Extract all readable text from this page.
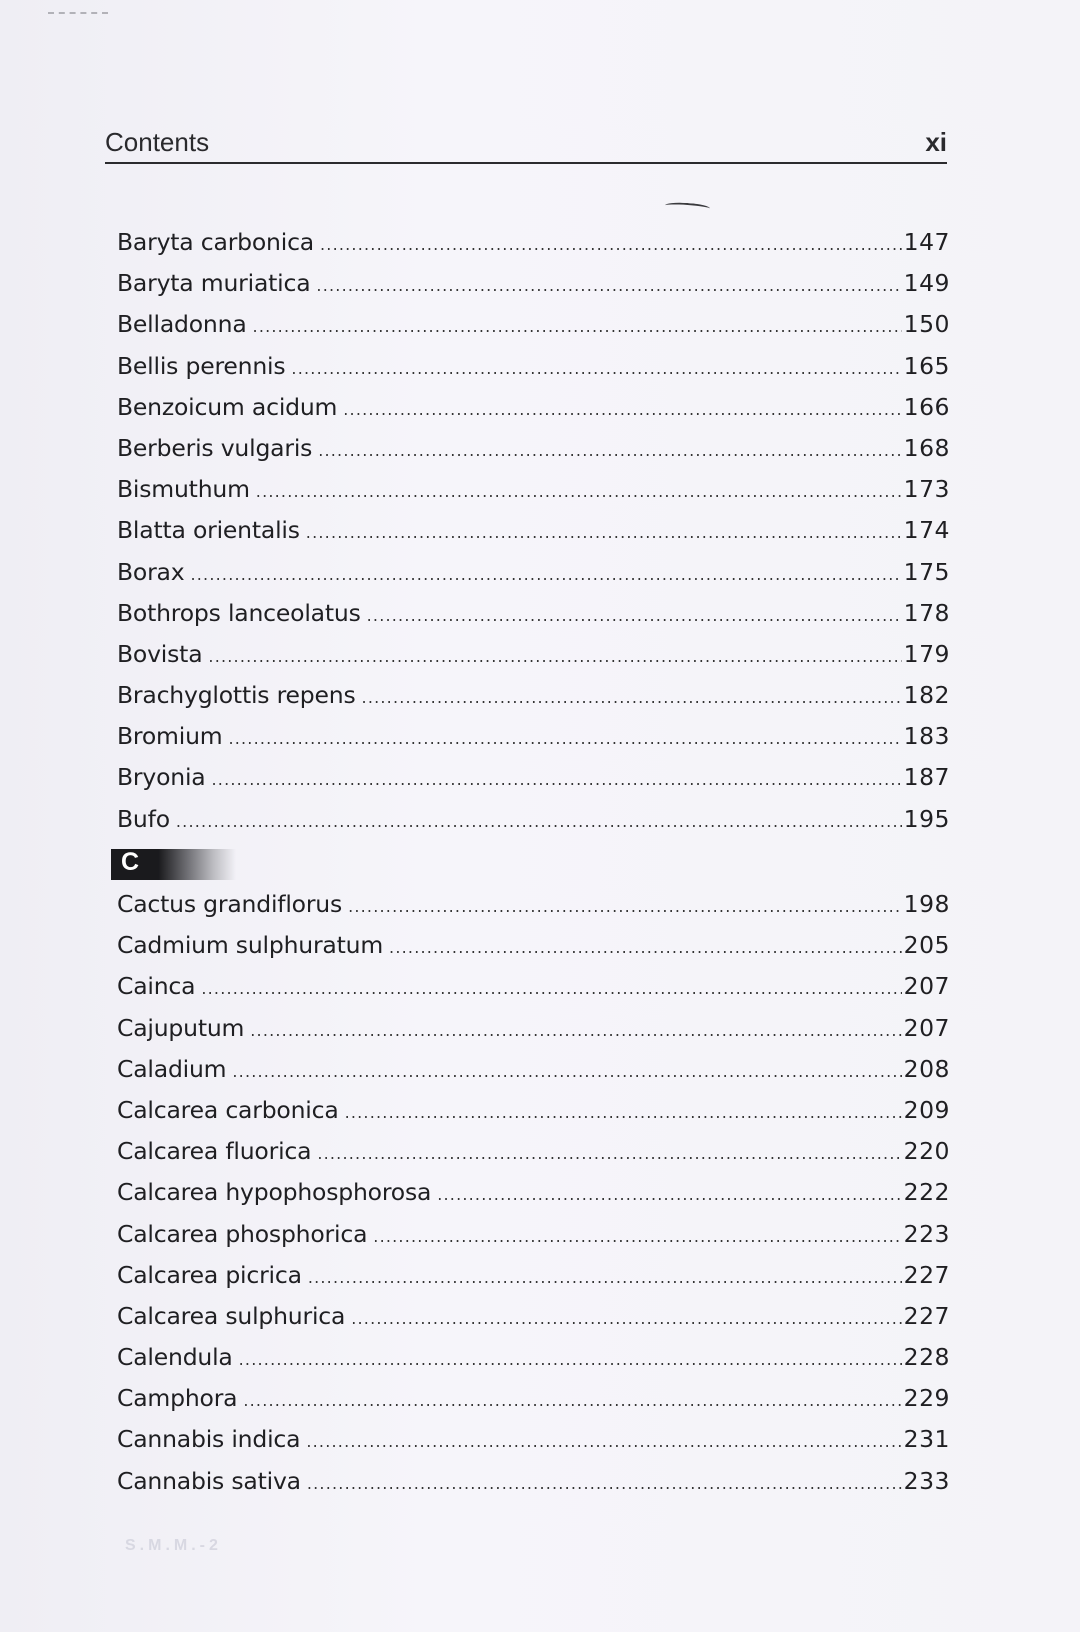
Contents	xi
Baryta carbonica .....	147
Baryta muriatica .....	149
Belladonna .....	150
Bellis perennis .....	165
Benzoicum acidum .....	166
Berberis vulgaris .....	168
Bismuthum .....	173
Blatta orientalis .....	174
Borax .....	175
Bothrops lanceolatus .....	178
Bovista .....	179
Brachyglottis repens .....	182
Bromium .....	183
Bryonia .....	187
Bufo .....	195
C
Cactus grandiflorus .....	198
Cadmium sulphuratum .....	205
Cainca .....	207
Cajuputum .....	207
Caladium .....	208
Calcarea carbonica .....	209
Calcarea fluorica .....	220
Calcarea hypophosphorosa .....	222
Calcarea phosphorica .....	223
Calcarea picrica .....	227
Calcarea sulphurica .....	227
Calendula .....	228
Camphora .....	229
Cannabis indica .....	231
Cannabis sativa .....	233
S.M.M.-2
